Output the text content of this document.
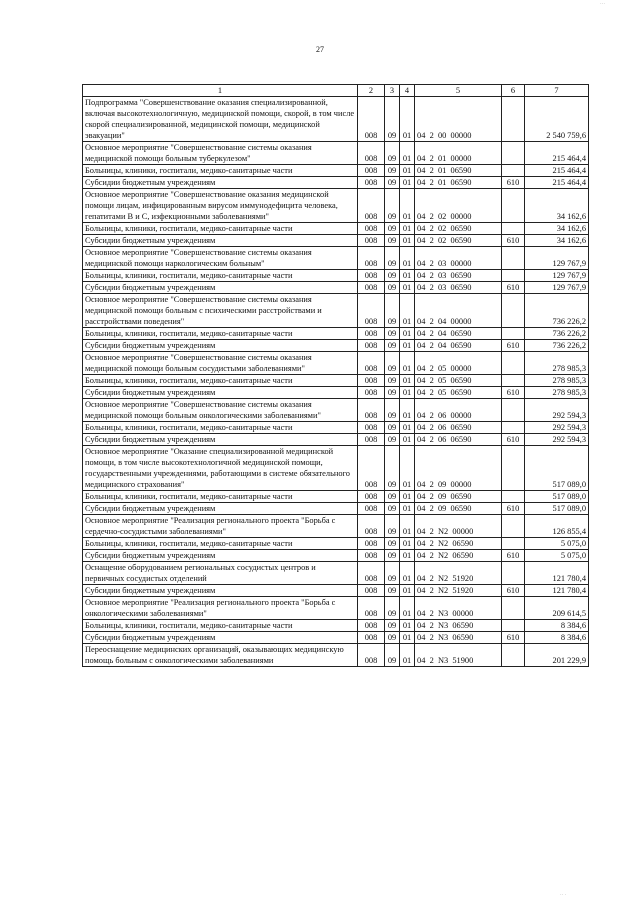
27
1	2	3	4	5	6	7
Подпрограмма "Совершенствование оказания специализированной, включая высокотехнологичную, медицинской помощи, скорой, в том числе скорой специализированной, медицинской помощи, медицинской эвакуации"	008	09	01	04  2  00  00000		2 540 759,6
Основное мероприятие "Совершенствование системы оказания медицинской помощи больным туберкулезом"	008	09	01	04  2  01  00000		215 464,4
Больницы, клиники, госпитали, медико-санитарные части	008	09	01	04  2  01  06590		215 464,4
Субсидии бюджетным учреждениям	008	09	01	04  2  01  06590	610	215 464,4
Основное мероприятие "Совершенствование оказания медицинской помощи лицам, инфицированным вирусом иммунодефицита человека, гепатитами В и С, изфекционными заболеваниями"	008	09	01	04  2  02  00000		34 162,6
Больницы, клиники, госпитали, медико-санитарные части	008	09	01	04  2  02  06590		34 162,6
Субсидии бюджетным учреждениям	008	09	01	04  2  02  06590	610	34 162,6
Основное мероприятие "Совершенствование системы оказания медицинской помощи наркологическим больным"	008	09	01	04  2  03  00000		129 767,9
Больницы, клиники, госпитали, медико-санитарные части	008	09	01	04  2  03  06590		129 767,9
Субсидии бюджетным учреждениям	008	09	01	04  2  03  06590	610	129 767,9
Основное мероприятие "Совершенствование системы оказания медицинской помощи больным с психическими расстройствами и расстройствами поведения"	008	09	01	04  2  04  00000		736 226,2
Больницы, клиники, госпитали, медико-санитарные части	008	09	01	04  2  04  06590		736 226,2
Субсидии бюджетным учреждениям	008	09	01	04  2  04  06590	610	736 226,2
Основное мероприятие "Совершенствование системы оказания медицинской помощи больным сосудистыми заболеваниями"	008	09	01	04  2  05  00000		278 985,3
Больницы, клиники, госпитали, медико-санитарные части	008	09	01	04  2  05  06590		278 985,3
Субсидии бюджетным учреждениям	008	09	01	04  2  05  06590	610	278 985,3
Основное мероприятие "Совершенствование системы оказания медицинской помощи больным онкологическими заболеваниями"	008	09	01	04  2  06  00000		292 594,3
Больницы, клиники, госпитали, медико-санитарные части	008	09	01	04  2  06  06590		292 594,3
Субсидии бюджетным учреждениям	008	09	01	04  2  06  06590	610	292 594,3
Основное мероприятие "Оказание специализированной медицинской помощи, в том числе высокотехнологичной медицинской помощи, государственными учреждениями, работающими в системе обязательного медицинского страхования"	008	09	01	04  2  09  00000		517 089,0
Больницы, клиники, госпитали, медико-санитарные части	008	09	01	04  2  09  06590		517 089,0
Субсидии бюджетным учреждениям	008	09	01	04  2  09  06590	610	517 089,0
Основное мероприятие "Реализация регионального проекта "Борьба с сердечно-сосудистыми заболеваниями"	008	09	01	04  2  N2  00000		126 855,4
Больницы, клиники, госпитали, медико-санитарные части	008	09	01	04  2  N2  06590		5 075,0
Субсидии бюджетным учреждениям	008	09	01	04  2  N2  06590	610	5 075,0
Оснащение оборудованием региональных сосудистых центров и первичных сосудистых отделений	008	09	01	04  2  N2  51920		121 780,4
Субсидии бюджетным учреждениям	008	09	01	04  2  N2  51920	610	121 780,4
Основное мероприятие "Реализация регионального проекта "Борьба с онкологическими заболеваниями"	008	09	01	04  2  N3  00000		209 614,5
Больницы, клиники, госпитали, медико-санитарные части	008	09	01	04  2  N3  06590		8 384,6
Субсидии бюджетным учреждениям	008	09	01	04  2  N3  06590	610	8 384,6
Переоснащение медицинских организаций, оказывающих медицинскую помощь больным с онкологическими заболеваниями	008	09	01	04  2  N3  51900		201 229,9
···
·· ·
